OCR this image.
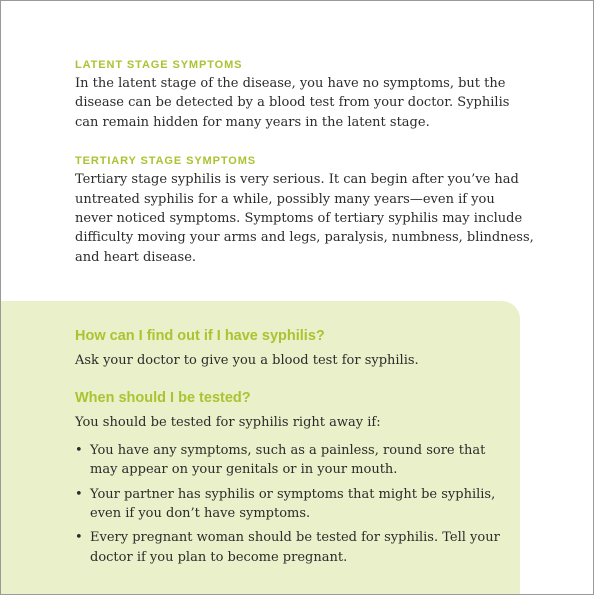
LATENT STAGE SYMPTOMS

In the latent stage of the disease, you have no symptoms, but the disease can be detected by a blood test from your doctor. Syphilis can remain hidden for many years in the latent stage.

TERTIARY STAGE SYMPTOMS

Tertiary stage syphilis is very serious. It can begin after you’ve had untreated syphilis for a while, possibly many years—even if you never noticed symptoms. Symptoms of tertiary syphilis may include difficulty moving your arms and legs, paralysis, numbness, blindness, and heart disease.

How can I find out if I have syphilis?

Ask your doctor to give you a blood test for syphilis.

When should I be tested?

You should be tested for syphilis right away if:

• You have any symptoms, such as a painless, round sore that may appear on your genitals or in your mouth.

• Your partner has syphilis or symptoms that might be syphilis, even if you don’t have symptoms.

• Every pregnant woman should be tested for syphilis. Tell your doctor if you plan to become pregnant.
